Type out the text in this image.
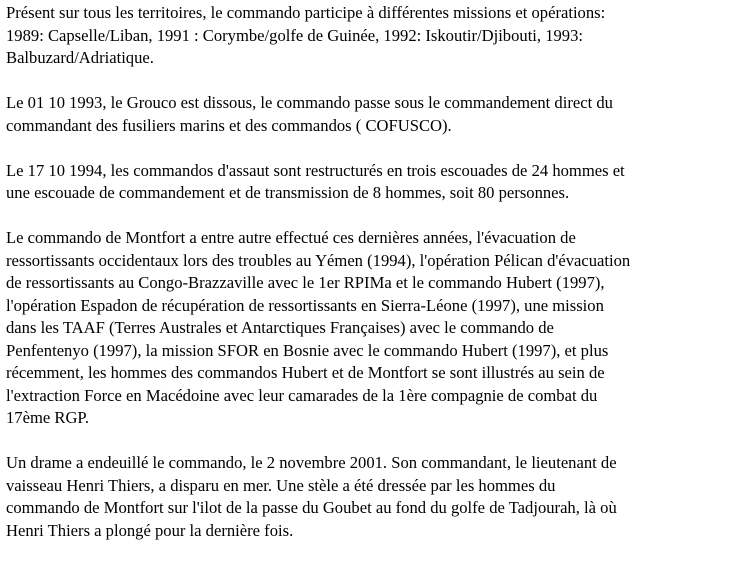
Présent sur tous les territoires, le commando participe à différentes missions et opérations:
1989: Capselle/Liban, 1991 : Corymbe/golfe de Guinée, 1992: Iskoutir/Djibouti, 1993:
Balbuzard/Adriatique.
Le 01 10 1993, le Grouco est dissous, le commando passe sous le commandement direct du
commandant des fusiliers marins et des commandos ( COFUSCO).
Le 17 10 1994, les commandos d'assaut sont restructurés en trois escouades de 24 hommes et
une escouade de commandement et de transmission de 8 hommes, soit 80 personnes.
Le commando de Montfort a entre autre effectué ces dernières années, l'évacuation de
ressortissants occidentaux lors des troubles au Yémen (1994), l'opération Pélican d'évacuation
de ressortissants au Congo-Brazzaville avec le 1er RPIMa et le commando Hubert (1997),
l'opération Espadon de récupération de ressortissants en Sierra-Léone (1997), une mission
dans les TAAF (Terres Australes et Antarctiques Françaises) avec le commando de
Penfentenyo (1997), la mission SFOR en Bosnie avec le commando Hubert (1997), et plus
récemment, les hommes des commandos Hubert et de Montfort se sont illustrés au sein de
l'extraction Force en Macédoine avec leur camarades de la 1ère compagnie de combat du
17ème RGP.
Un drame a endeuillé le commando, le 2 novembre 2001. Son commandant, le lieutenant de
vaisseau Henri Thiers, a disparu en mer. Une stèle a été dressée par les hommes du
commando de Montfort sur l'ilot de la passe du Goubet au fond du golfe de Tadjourah, là où
Henri Thiers a plongé pour la dernière fois.
